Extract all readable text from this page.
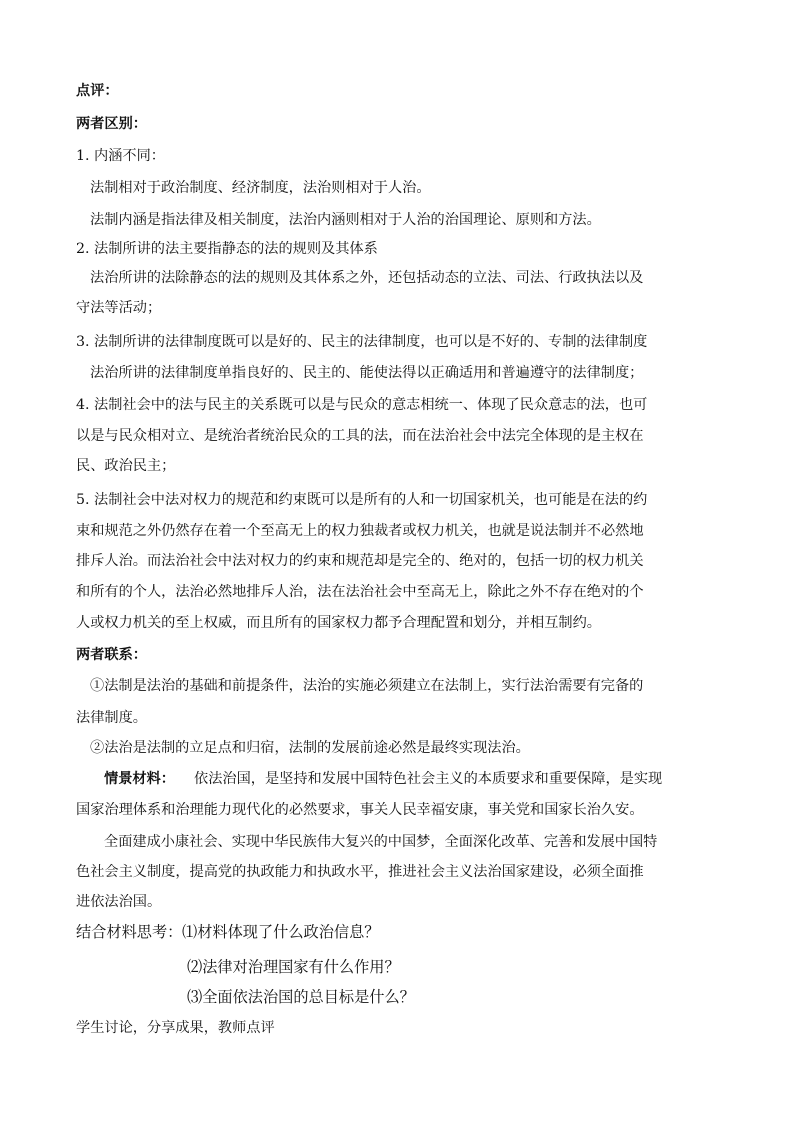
点评：
两者区别：
1. 内涵不同：
法制相对于政治制度、经济制度，法治则相对于人治。
法制内涵是指法律及相关制度，法治内涵则相对于人治的治国理论、原则和方法。
2. 法制所讲的法主要指静态的法的规则及其体系
法治所讲的法除静态的法的规则及其体系之外，还包括动态的立法、司法、行政执法以及
守法等活动；
3. 法制所讲的法律制度既可以是好的、民主的法律制度，也可以是不好的、专制的法律制度
法治所讲的法律制度单指良好的、民主的、能使法得以正确适用和普遍遵守的法律制度；
4. 法制社会中的法与民主的关系既可以是与民众的意志相统一、体现了民众意志的法，也可
以是与民众相对立、是统治者统治民众的工具的法，而在法治社会中法完全体现的是主权在
民、政治民主；
5. 法制社会中法对权力的规范和约束既可以是所有的人和一切国家机关，也可能是在法的约
束和规范之外仍然存在着一个至高无上的权力独裁者或权力机关，也就是说法制并不必然地
排斥人治。而法治社会中法对权力的约束和规范却是完全的、绝对的，包括一切的权力机关
和所有的个人，法治必然地排斥人治，法在法治社会中至高无上，除此之外不存在绝对的个
人或权力机关的至上权威，而且所有的国家权力都予合理配置和划分，并相互制约。
两者联系：
①法制是法治的基础和前提条件，法治的实施必须建立在法制上，实行法治需要有完备的
法律制度。
②法治是法制的立足点和归宿，法制的发展前途必然是最终实现法治。
情景材料： 依法治国，是坚持和发展中国特色社会主义的本质要求和重要保障，是实现
国家治理体系和治理能力现代化的必然要求，事关人民幸福安康，事关党和国家长治久安。
全面建成小康社会、实现中华民族伟大复兴的中国梦，全面深化改革、完善和发展中国特
色社会主义制度，提高党的执政能力和执政水平，推进社会主义法治国家建设，必须全面推
进依法治国。
结合材料思考： ⑴材料体现了什么政治信息？
⑵法律对治理国家有什么作用？
⑶全面依法治国的总目标是什么？
学生讨论，分享成果，教师点评
